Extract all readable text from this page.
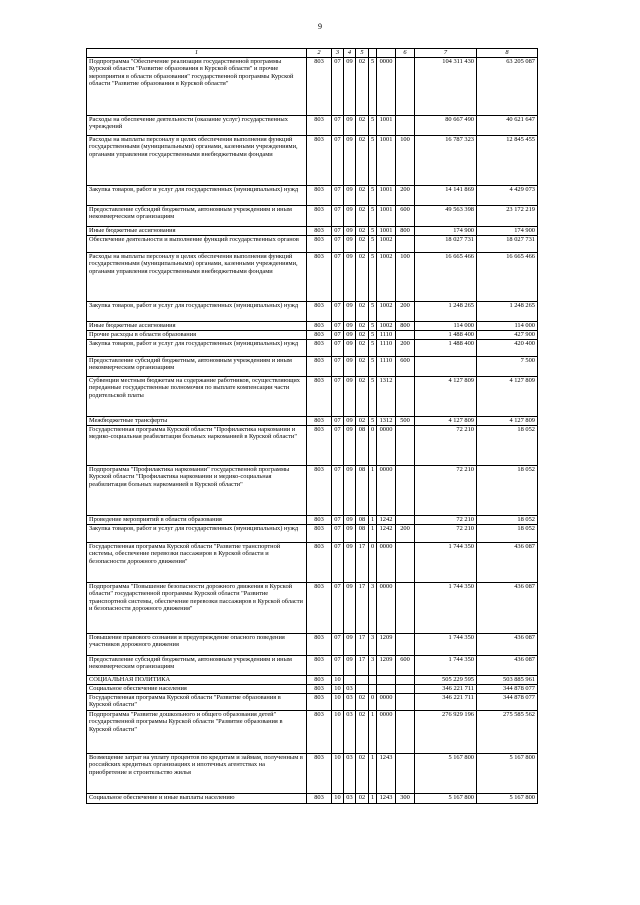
9
1	2	3	4	5			6	7	8
Подпрограмма "Обеспечение реализации государственной программы Курской области "Развитие образования в Курской области" и прочие мероприятия в области образования" государственной программы Курской области "Развитие образования в Курской области"	803	07	09	02	5	0000		104 311 430	63 205 087
Расходы на обеспечение деятельности (оказание услуг) государственных учреждений	803	07	09	02	5	1001		80 667 490	40 621 647
Расходы на выплаты персоналу в целях обеспечения выполнения функций государственными (муниципальными) органами, казенными учреждениями, органами управления государственными внебюджетными фондами	803	07	09	02	5	1001	100	16 787 323	12 845 455
Закупка товаров, работ и услуг для государственных (муниципальных) нужд	803	07	09	02	5	1001	200	14 141 869	4 429 073
Предоставление субсидий бюджетным, автономным учреждениям и иным некоммерческим организациям	803	07	09	02	5	1001	600	49 563 398	23 172 219
Иные бюджетные ассигнования	803	07	09	02	5	1001	800	174 900	174 900
Обеспечение деятельности и выполнение функций государственных органов	803	07	09	02	5	1002		18 027 731	18 027 731
Расходы на выплаты персоналу в целях обеспечения выполнения функций государственными (муниципальными) органами, казенными учреждениями, органами управления государственными внебюджетными фондами	803	07	09	02	5	1002	100	16 665 466	16 665 466
Закупка товаров, работ и услуг для государственных (муниципальных) нужд	803	07	09	02	5	1002	200	1 248 265	1 248 265
Иные бюджетные ассигнования	803	07	09	02	5	1002	800	114 000	114 000
Прочие расходы в области образования	803	07	09	02	5	1110		1 488 400	427 900
Закупка товаров, работ и услуг для государственных (муниципальных) нужд	803	07	09	02	5	1110	200	1 488 400	420 400
Предоставление субсидий бюджетным, автономным учреждениям и иным некоммерческим организациям	803	07	09	02	5	1110	600		7 500
Субвенции местным бюджетам на содержание работников, осуществляющих переданные государственные полномочия по выплате компенсации части родительской платы	803	07	09	02	5	1312		4 127 809	4 127 809
Межбюджетные трансферты	803	07	09	02	5	1312	500	4 127 809	4 127 809
Государственная программа Курской области "Профилактика наркомании и медико-социальная реабилитация больных наркоманией в Курской области"	803	07	09	08	0	0000		72 210	18 052
Подпрограмма "Профилактика наркомании" государственной программы Курской области "Профилактика наркомании и медико-социальная реабилитация больных наркоманией в Курской области"	803	07	09	08	1	0000		72 210	18 052
Проведение мероприятий в области образования	803	07	09	08	1	1242		72 210	18 052
Закупка товаров, работ и услуг для государственных (муниципальных) нужд	803	07	09	08	1	1242	200	72 210	18 052
Государственная программа Курской области "Развитие транспортной системы, обеспечение перевозки пассажиров в Курской области и безопасности дорожного движения"	803	07	09	17	0	0000		1 744 350	436 087
Подпрограмма "Повышение безопасности дорожного движения в Курской области" государственной программы Курской области "Развитие транспортной системы, обеспечение перевозки пассажиров в Курской области и безопасности дорожного движения"	803	07	09	17	3	0000		1 744 350	436 087
Повышение правового сознания и предупреждение опасного поведения участников дорожного движения	803	07	09	17	3	1209		1 744 350	436 087
Предоставление субсидий бюджетным, автономным учреждениям и иным некоммерческим организациям	803	07	09	17	3	1209	600	1 744 350	436 087
СОЦИАЛЬНАЯ ПОЛИТИКА	803	10						505 229 595	503 885 961
Социальное обеспечение населения	803	10	03					346 221 711	344 878 077
Государственная программа Курской области "Развитие образования в Курской области"	803	10	03	02	0	0000		346 221 711	344 878 077
Подпрограмма "Развитие дошкольного и общего образования детей" государственной программы Курской области "Развитие образования в Курской области"	803	10	03	02	1	0000		276 929 196	275 585 562
Возмещение затрат на уплату процентов по кредитам и займам, полученным в российских кредитных организациях и ипотечных агентствах на приобретение и строительство жилья	803	10	03	02	1	1243		5 167 800	5 167 800
Социальное обеспечение и иные выплаты населению	803	10	03	02	1	1243	300	5 167 800	5 167 800
